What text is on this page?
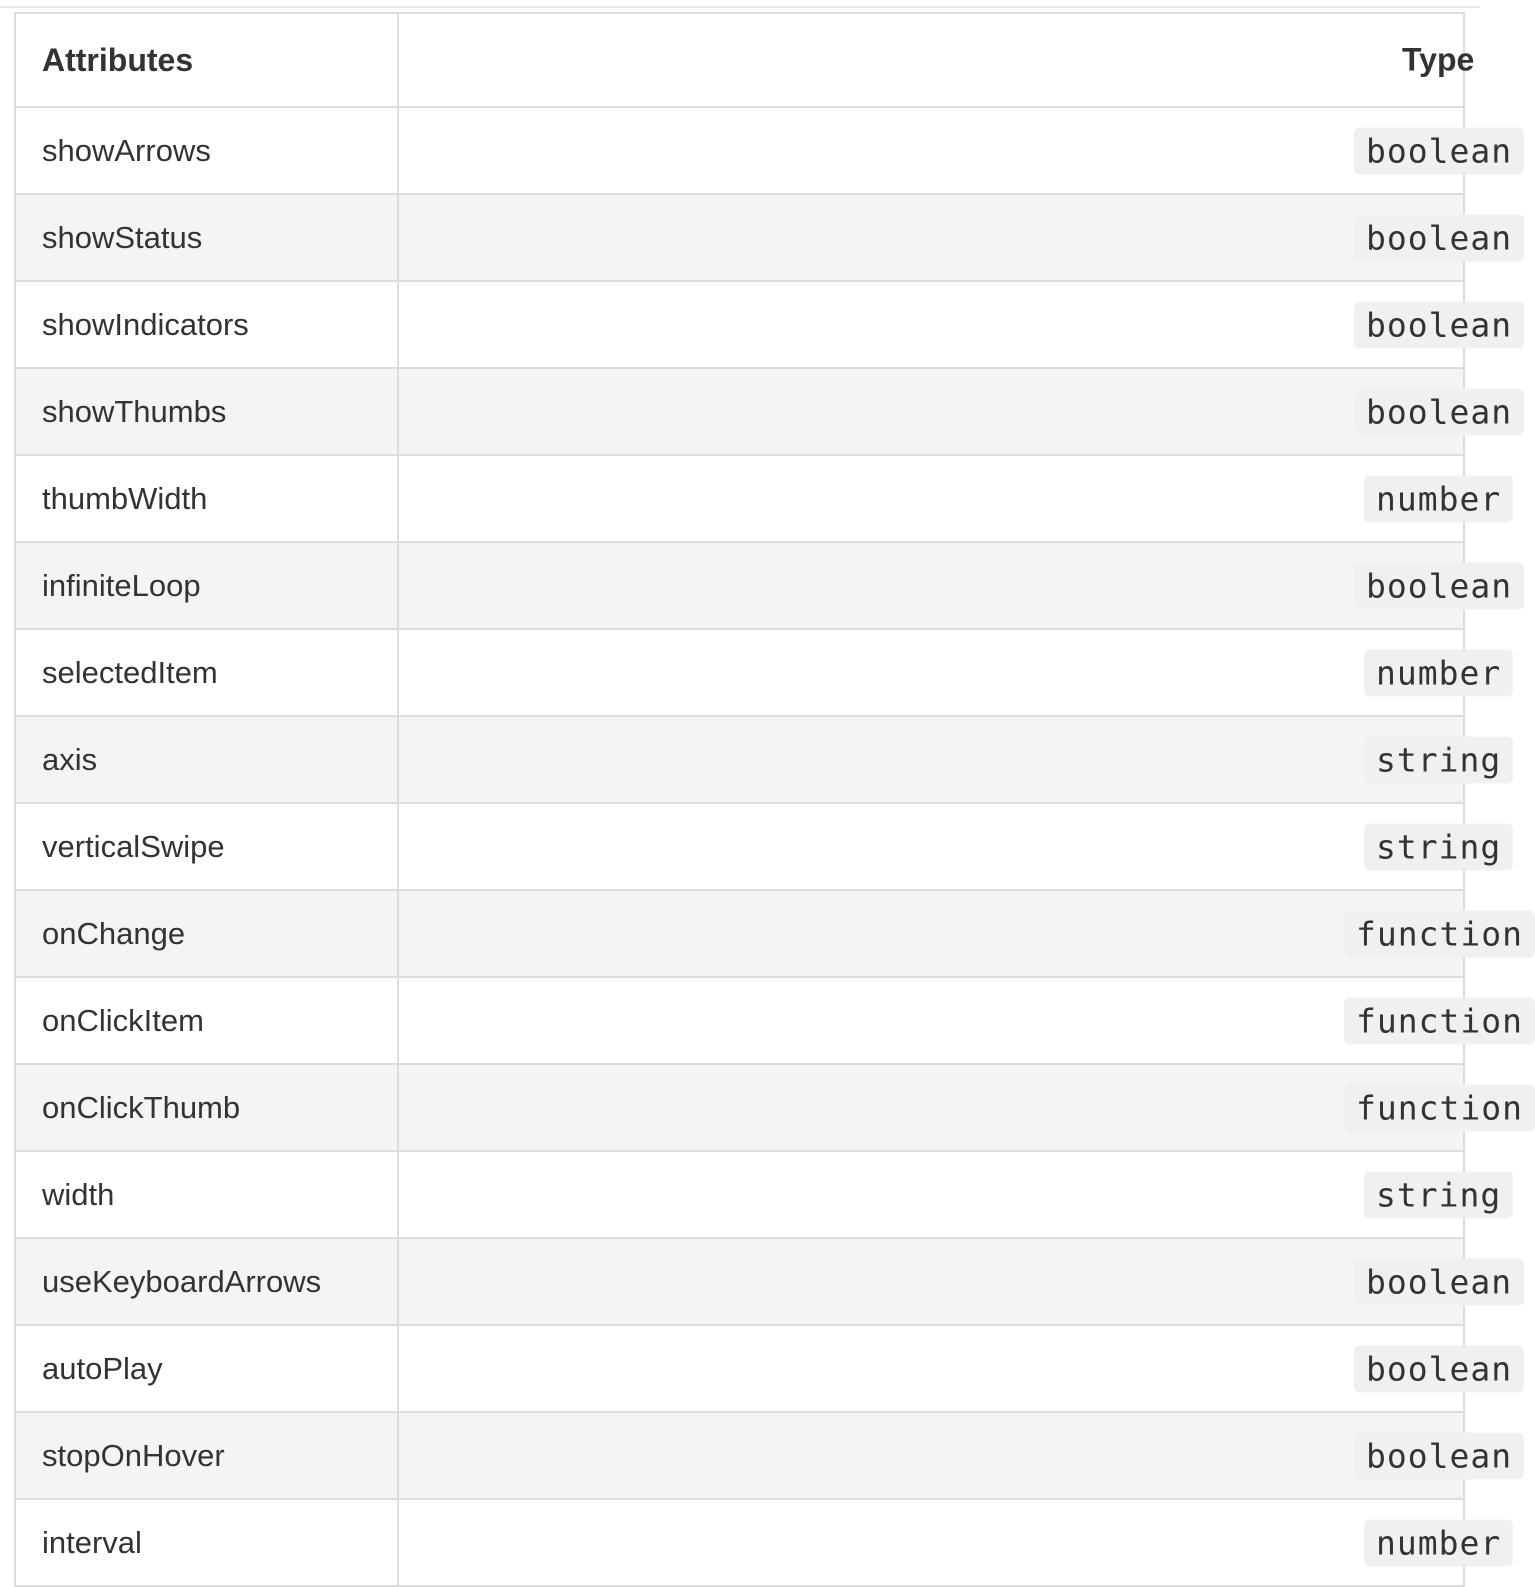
Attributes	Type

showArrows	boolean

showStatus	boolean

showIndicators	boolean

showThumbs	boolean

thumbWidth	number

infiniteLoop	boolean

selectedItem	number

axis	string

verticalSwipe	string

onChange	function

onClickItem	function

onClickThumb	function

width	string

useKeyboardArrows	boolean

autoPlay	boolean

stopOnHover	boolean

interval	number
